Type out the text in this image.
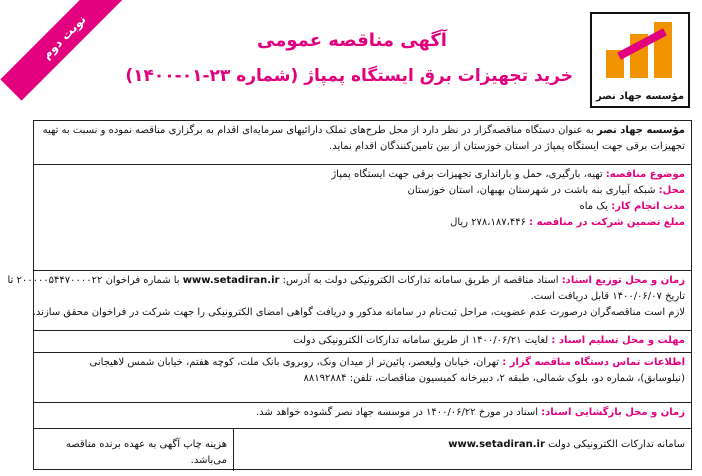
نوبت دوم	آگهی مناقصه عمومی
خرید تجهیزات برق ایستگاه پمپاژ (شماره ۲۳-۰۱-۱۴۰۰)
مؤسسه جهاد نصر
مؤسسه جهاد نصر به عنوان دستگاه مناقصه‌گزار در نظر دارد از محل طرح‌های تملک دارائیهای سرمایه‌ای اقدام به برگزاری مناقصه نموده و نسبت به تهیه
تجهیزات برقی جهت ایستگاه پمپاژ در استان خوزستان از بین تامین‌کنندگان اقدام نماید.
موضوع مناقصه: تهیه، بارگیری، حمل و بارانداری تجهیزات برقی جهت ایستگاه پمپاژ
محل: شبکه آبیاری بنه باشت در شهرستان بهبهان، استان خوزستان
مدت انجام کار: یک ماه
مبلغ تضمین شرکت در مناقصه : ۲۷۸،۱۸۷،۴۴۶ ریال
زمان و محل توزیع اسناد: اسناد مناقصه از طریق سامانه تدارکات الکترونیکی دولت به آدرس: www.setadiran.ir با شماره فراخوان ۲۰۰۰۰۰۵۴۴۷۰۰۰۰۲۲ تا
تاریخ ۱۴۰۰/۰۶/۰۷ قابل دریافت است.
لازم است مناقصه‌گران درصورت عدم عضویت، مراحل ثبت‌نام در سامانه مذکور و دریافت گواهی امضای الکترونیکی را جهت شرکت در فراخوان محقق سازند.
مهلت و محل تسلیم اسناد : لغایت ۱۴۰۰/۰۶/۲۱ از طریق سامانه تدارکات الکترونیکی دولت
اطلاعات تماس دستگاه مناقصه گزار : تهران، خیابان ولیعصر، پائین‌تر از میدان ونک، روبروی بانک ملت، کوچه هفتم، خیابان شمس لاهیجانی
(نیلوسابق)، شماره دو، بلوک شمالی، طبقه ۲، دبیرخانه کمیسیون مناقصات، تلفن: ۸۸۱۹۲۸۸۴
زمان و محل بازگشایی اسناد: اسناد در مورخ ۱۴۰۰/۰۶/۲۲ در موسسه جهاد نصر گشوده خواهد شد.
سامانه تدارکات الکترونیکی دولت www.setadiran.ir
هزینه چاپ آگهی به عهده برنده مناقصه می‌باشد.
